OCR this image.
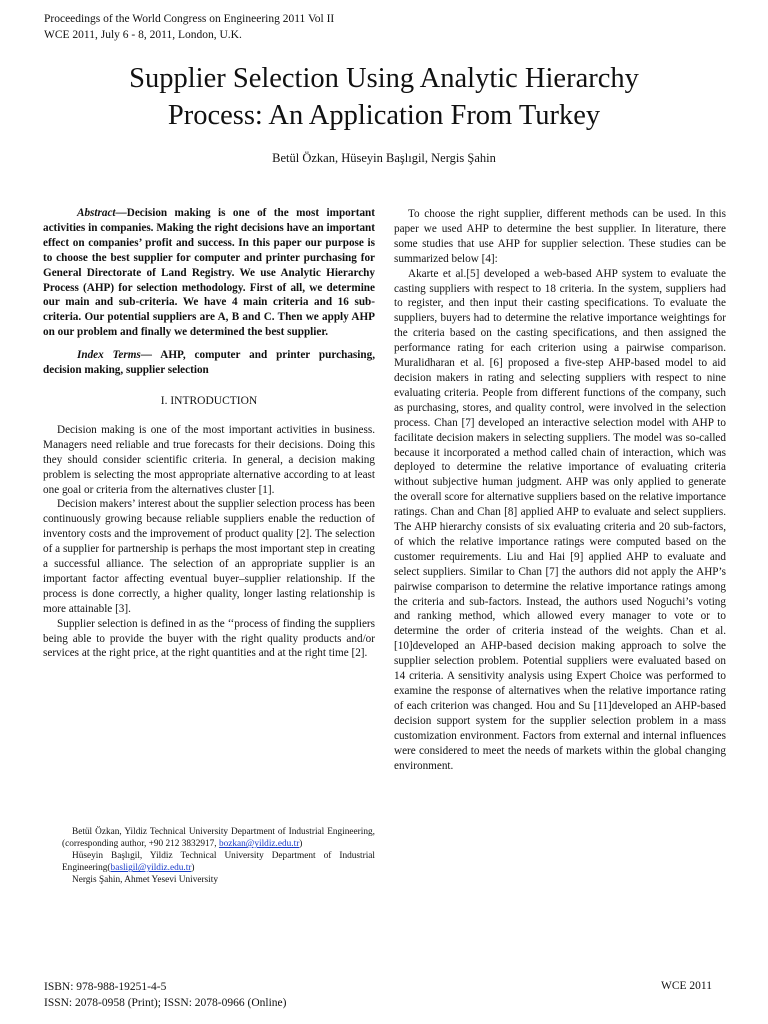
Proceedings of the World Congress on Engineering 2011 Vol II
WCE 2011, July 6 - 8, 2011, London, U.K.
Supplier Selection Using Analytic Hierarchy
Process: An Application From Turkey
Betül Özkan, Hüseyin Başlıgil, Nergis Şahin

Abstract—Decision making is one of the most important activities in companies. Making the right decisions have an important effect on companies’ profit and success. In this paper our purpose is to choose the best supplier for computer and printer purchasing for General Directorate of Land Registry. We use Analytic Hierarchy Process (AHP) for selection methodology. First of all, we determine our main and sub-criteria. We have 4 main criteria and 16 sub-criteria. Our potential suppliers are A, B and C. Then we apply AHP on our problem and finally we determined the best supplier.

Index Terms— AHP, computer and printer purchasing, decision making, supplier selection

I. INTRODUCTION

Decision making is one of the most important activities in business. Managers need reliable and true forecasts for their decisions. Doing this they should consider scientific criteria. In general, a decision making problem is selecting the most appropriate alternative according to at least one goal or criteria from the alternatives cluster [1].

Decision makers’ interest about the supplier selection process has been continuously growing because reliable suppliers enable the reduction of inventory costs and the improvement of product quality [2]. The selection of a supplier for partnership is perhaps the most important step in creating a successful alliance. The selection of an appropriate supplier is an important factor affecting eventual buyer–supplier relationship. If the process is done correctly, a higher quality, longer lasting relationship is more attainable [3].

Supplier selection is defined in as the ‘‘process of finding the suppliers being able to provide the buyer with the right quality products and/or services at the right price, at the right quantities and at the right time [2].

Betül Özkan, Yildiz Technical University Department of Industrial Engineering, (corresponding author, +90 212 3832917, bozkan@yildiz.edu.tr)

Hüseyin Başlıgil, Yildiz Technical University Department of Industrial Engineering(basligil@yildiz.edu.tr)

Nergis Şahin, Ahmet Yesevi University

To choose the right supplier, different methods can be used. In this paper we used AHP to determine the best supplier. In literature, there some studies that use AHP for supplier selection. These studies can be summarized below [4]:

Akarte et al.[5] developed a web-based AHP system to evaluate the casting suppliers with respect to 18 criteria. In the system, suppliers had to register, and then input their casting specifications. To evaluate the suppliers, buyers had to determine the relative importance weightings for the criteria based on the casting specifications, and then assigned the performance rating for each criterion using a pairwise comparison. Muralidharan et al. [6] proposed a five-step AHP-based model to aid decision makers in rating and selecting suppliers with respect to nine evaluating criteria. People from different functions of the company, such as purchasing, stores, and quality control, were involved in the selection process. Chan [7] developed an interactive selection model with AHP to facilitate decision makers in selecting suppliers. The model was so-called because it incorporated a method called chain of interaction, which was deployed to determine the relative importance of evaluating criteria without subjective human judgment. AHP was only applied to generate the overall score for alternative suppliers based on the relative importance ratings. Chan and Chan [8] applied AHP to evaluate and select suppliers. The AHP hierarchy consists of six evaluating criteria and 20 sub-factors, of which the relative importance ratings were computed based on the customer requirements. Liu and Hai [9] applied AHP to evaluate and select suppliers. Similar to Chan [7] the authors did not apply the AHP’s pairwise comparison to determine the relative importance ratings among the criteria and sub-factors. Instead, the authors used Noguchi’s voting and ranking method, which allowed every manager to vote or to determine the order of criteria instead of the weights. Chan et al. [10]developed an AHP-based decision making approach to solve the supplier selection problem. Potential suppliers were evaluated based on 14 criteria. A sensitivity analysis using Expert Choice was performed to examine the response of alternatives when the relative importance rating of each criterion was changed. Hou and Su [11]developed an AHP-based decision support system for the supplier selection problem in a mass customization environment. Factors from external and internal influences were considered to meet the needs of markets within the global changing environment.

ISBN: 978-988-19251-4-5
ISSN: 2078-0958 (Print); ISSN: 2078-0966 (Online)
WCE 2011
